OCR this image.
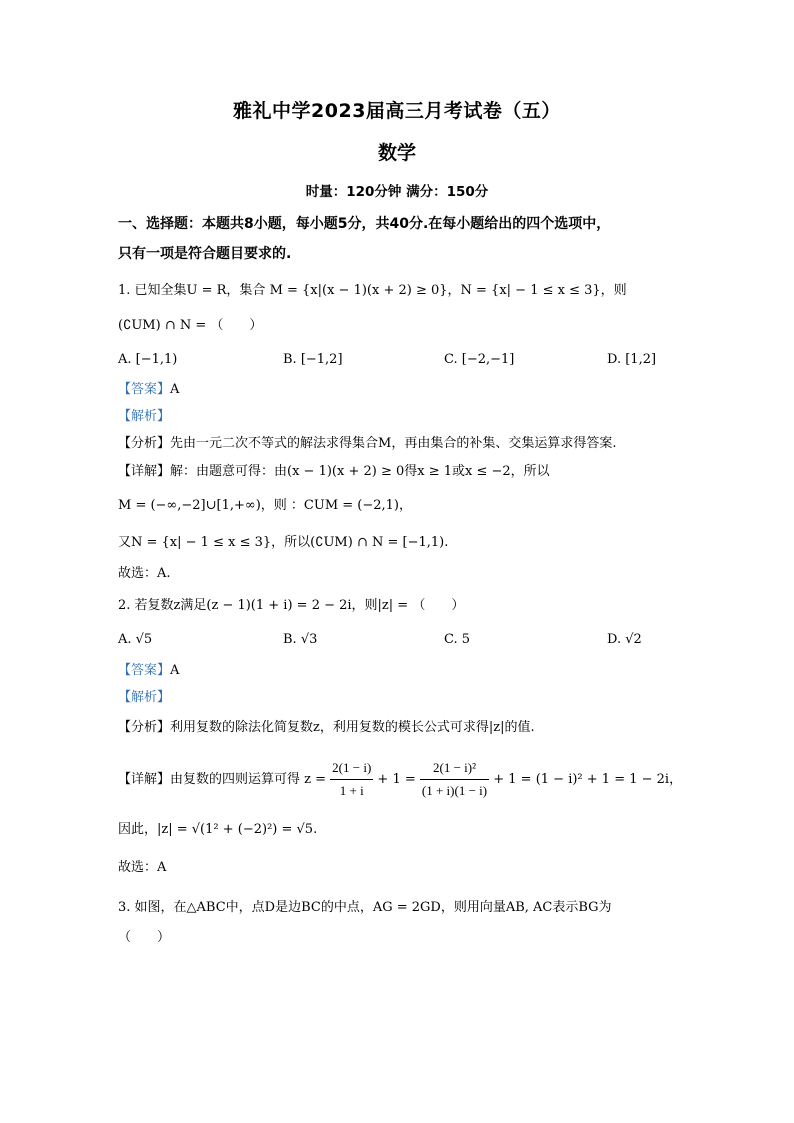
雅礼中学2023届高三月考试卷（五）
数学
时量：120分钟 满分：150分
一、选择题：本题共8小题，每小题5分，共40分.在每小题给出的四个选项中，
只有一项是符合题目要求的.
1. 已知全集U = R，集合 M = {x|(x − 1)(x + 2) ≥ 0}，N = {x| − 1 ≤ x ≤ 3}，则
(∁UM) ∩ N = （　　）
A. [−1,1)	B. [−1,2]	C. [−2,−1]	D. [1,2]
【答案】A
【解析】
【分析】先由一元二次不等式的解法求得集合M，再由集合的补集、交集运算求得答案.
【详解】解：由题意可得：由(x − 1)(x + 2) ≥ 0得x ≥ 1或x ≤ −2，所以
M = (−∞,−2]∪[1,+∞)，则 ：CUM = (−2,1)，
又N = {x| − 1 ≤ x ≤ 3}，所以(∁UM) ∩ N = [−1,1).
故选：A.
2. 若复数z满足(z − 1)(1 + i) = 2 − 2i，则|z| = （　　）
A. √5	B. √3	C. 5	D. √2
【答案】A
【解析】
【分析】利用复数的除法化简复数z，利用复数的模长公式可求得|z|的值.
【详解】由复数的四则运算可得 $z = \frac{2(1 - i)}{1 + i} + 1 = \frac{\text{2(1 − i)²}}{(1 + i)(1 - i)} + 1 = (1 - i)^2 + 1 = 1 - 2i$，
因此，|z| = √(1² + (−2)²) = √5.
故选：A
3. 如图，在△ABC中，点D是边BC的中点，AG = 2GD，则用向量AB, AC表示BG为
（　　）
